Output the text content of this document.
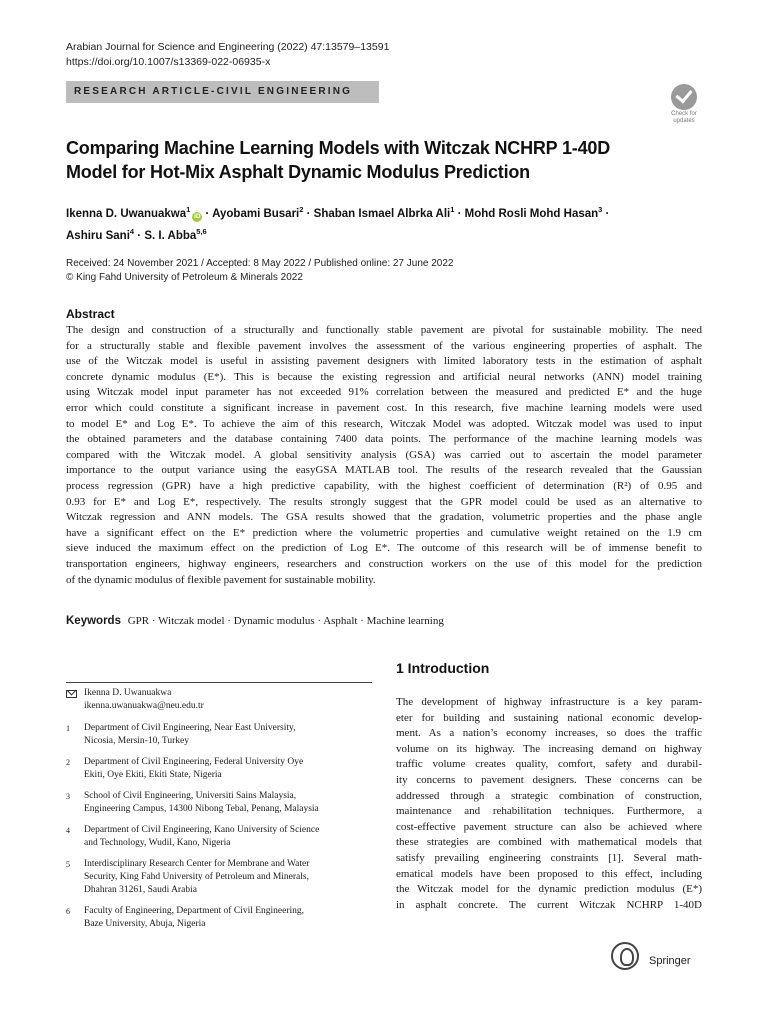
Arabian Journal for Science and Engineering (2022) 47:13579–13591
https://doi.org/10.1007/s13369-022-06935-x
RESEARCH ARTICLE-CIVIL ENGINEERING
Check for
updates
Comparing Machine Learning Models with Witczak NCHRP 1-40D
Model for Hot-Mix Asphalt Dynamic Modulus Prediction
Ikenna D. Uwanuakwa$^1$iD · Ayobami Busari$^2$ · Shaban Ismael Albrka Ali$^1$ · Mohd Rosli Mohd Hasan$^3$ ·
Ashiru Sani$^4$ · S. I. Abba$^{5,6}$
Received: 24 November 2021 / Accepted: 8 May 2022 / Published online: 27 June 2022
© King Fahd University of Petroleum & Minerals 2022
Abstract
The design and construction of a structurally and functionally stable pavement are pivotal for sustainable mobility. The need
for a structurally stable and flexible pavement involves the assessment of the various engineering properties of asphalt. The
use of the Witczak model is useful in assisting pavement designers with limited laboratory tests in the estimation of asphalt
concrete dynamic modulus (E*). This is because the existing regression and artificial neural networks (ANN) model training
using Witczak model input parameter has not exceeded 91% correlation between the measured and predicted E* and the huge
error which could constitute a significant increase in pavement cost. In this research, five machine learning models were used
to model E* and Log E*. To achieve the aim of this research, Witczak Model was adopted. Witczak model was used to input
the obtained parameters and the database containing 7400 data points. The performance of the machine learning models was
compared with the Witczak model. A global sensitivity analysis (GSA) was carried out to ascertain the model parameter
importance to the output variance using the easyGSA MATLAB tool. The results of the research revealed that the Gaussian
process regression (GPR) have a high predictive capability, with the highest coefficient of determination (R²) of 0.95 and
0.93 for E* and Log E*, respectively. The results strongly suggest that the GPR model could be used as an alternative to
Witczak regression and ANN models. The GSA results showed that the gradation, volumetric properties and the phase angle
have a significant effect on the E* prediction where the volumetric properties and cumulative weight retained on the 1.9 cm
sieve induced the maximum effect on the prediction of Log E*. The outcome of this research will be of immense benefit to
transportation engineers, highway engineers, researchers and construction workers on the use of this model for the prediction
of the dynamic modulus of flexible pavement for sustainable mobility.
Keywords GPR · Witczak model · Dynamic modulus · Asphalt · Machine learning
Ikenna D. Uwanuakwa
ikenna.uwanuakwa@neu.edu.tr
1 Department of Civil Engineering, Near East University,
Nicosia, Mersin-10, Turkey
2 Department of Civil Engineering, Federal University Oye
Ekiti, Oye Ekiti, Ekiti State, Nigeria
3 School of Civil Engineering, Universiti Sains Malaysia,
Engineering Campus, 14300 Nibong Tebal, Penang, Malaysia
4 Department of Civil Engineering, Kano University of Science
and Technology, Wudil, Kano, Nigeria
5 Interdisciplinary Research Center for Membrane and Water
Security, King Fahd University of Petroleum and Minerals,
Dhahran 31261, Saudi Arabia
6 Faculty of Engineering, Department of Civil Engineering,
Baze University, Abuja, Nigeria
1 Introduction
The development of highway infrastructure is a key param-
eter for building and sustaining national economic develop-
ment. As a nation’s economy increases, so does the traffic
volume on its highway. The increasing demand on highway
traffic volume creates quality, comfort, safety and durabil-
ity concerns to pavement designers. These concerns can be
addressed through a strategic combination of construction,
maintenance and rehabilitation techniques. Furthermore, a
cost-effective pavement structure can also be achieved where
these strategies are combined with mathematical models that
satisfy prevailing engineering constraints [1]. Several math-
ematical models have been proposed to this effect, including
the Witczak model for the dynamic prediction modulus (E*)
in asphalt concrete. The current Witczak NCHRP 1-40D
Springer
